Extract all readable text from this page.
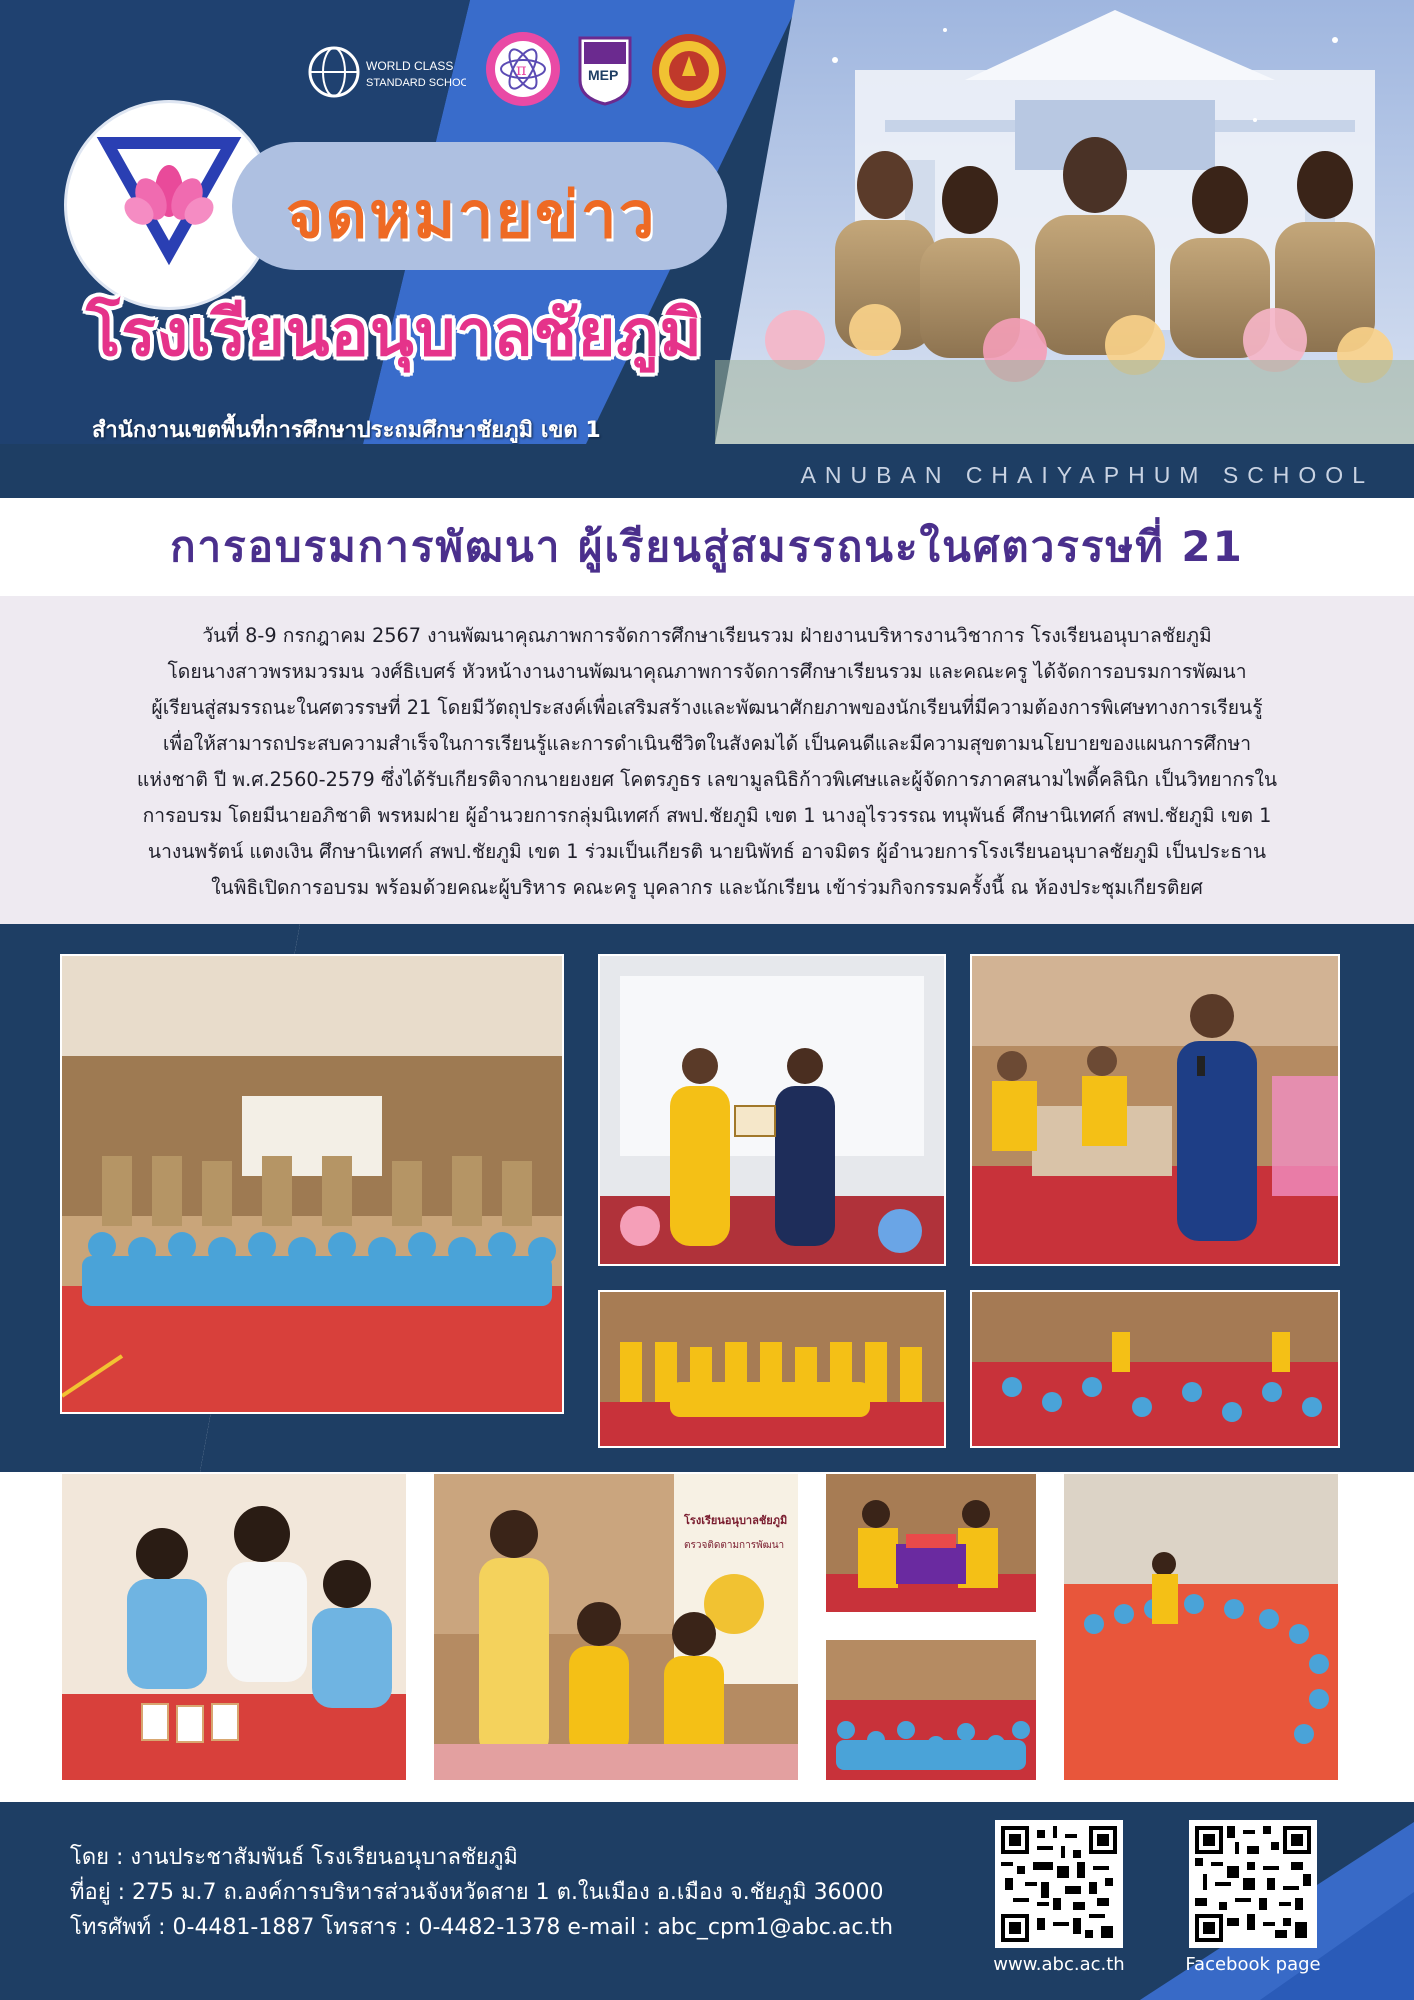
WORLD CLASS
STANDARD SCHOOL
π	MEP
จดหมายข่าว
โรงเรียนอนุบาลชัยภูมิ
สำนักงานเขตพื้นที่การศึกษาประถมศึกษาชัยภูมิ เขต 1
ANUBAN CHAIYAPHUM SCHOOL
การอบรมการพัฒนา ผู้เรียนสู่สมรรถนะในศตวรรษที่ 21
วันที่ 8-9 กรกฎาคม 2567 งานพัฒนาคุณภาพการจัดการศึกษาเรียนรวม ฝ่ายงานบริหารงานวิชาการ โรงเรียนอนุบาลชัยภูมิ
โดยนางสาวพรหมวรมน วงศ์ธิเบศร์ หัวหน้างานงานพัฒนาคุณภาพการจัดการศึกษาเรียนรวม และคณะครู ได้จัดการอบรมการพัฒนา
ผู้เรียนสู่สมรรถนะในศตวรรษที่ 21 โดยมีวัตถุประสงค์เพื่อเสริมสร้างและพัฒนาศักยภาพของนักเรียนที่มีความต้องการพิเศษทางการเรียนรู้
เพื่อให้สามารถประสบความสำเร็จในการเรียนรู้และการดำเนินชีวิตในสังคมได้ เป็นคนดีและมีความสุขตามนโยบายของแผนการศึกษา
แห่งชาติ ปี พ.ศ.2560-2579 ซึ่งได้รับเกียรติจากนายยงยศ โคตรภูธร เลขามูลนิธิก้าวพิเศษและผู้จัดการภาคสนามไพดี้คลินิก เป็นวิทยากรใน
การอบรม โดยมีนายอภิชาติ พรหมฝาย ผู้อำนวยการกลุ่มนิเทศก์ สพป.ชัยภูมิ เขต 1 นางอุไรวรรณ ทนุพันธ์ ศึกษานิเทศก์ สพป.ชัยภูมิ เขต 1
นางนพรัตน์ แตงเงิน ศึกษานิเทศก์ สพป.ชัยภูมิ เขต 1 ร่วมเป็นเกียรติ นายนิพัทธ์ อาจมิตร ผู้อำนวยการโรงเรียนอนุบาลชัยภูมิ เป็นประธาน
ในพิธิเปิดการอบรม พร้อมด้วยคณะผู้บริหาร คณะครู บุคลากร และนักเรียน เข้าร่วมกิจกรรมครั้งนี้ ณ ห้องประชุมเกียรติยศ
โรงเรียนอนุบาลชัยภูมิ
ตรวจติดตามการพัฒนา
โดย : งานประชาสัมพันธ์ โรงเรียนอนุบาลชัยภูมิ
ที่อยู่ : 275 ม.7 ถ.องค์การบริหารส่วนจังหวัดสาย 1 ต.ในเมือง อ.เมือง จ.ชัยภูมิ 36000
โทรศัพท์ : 0-4481-1887 โทรสาร : 0-4482-1378 e-mail : abc_cpm1@abc.ac.th
www.abc.ac.th	Facebook page
